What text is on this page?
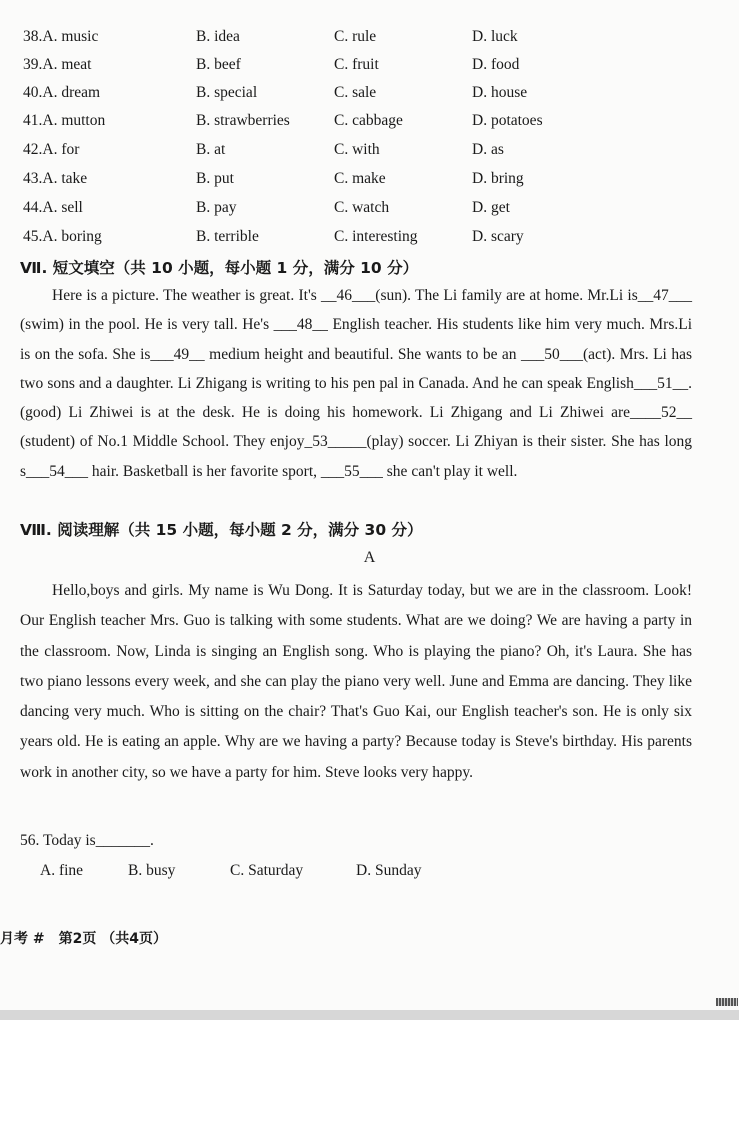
38.A. music	B. idea	C. rule	D. luck
39.A. meat	B. beef	C. fruit	D. food
40.A. dream	B. special	C. sale	D. house
41.A. mutton	B. strawberries	C. cabbage	D. potatoes
42.A. for	B. at	C. with	D. as
43.A. take	B. put	C. make	D. bring
44.A. sell	B. pay	C. watch	D. get
45.A. boring	B. terrible	C. interesting	D. scary
Ⅶ. 短文填空（共 10 小题，每小题 1 分，满分 10 分）

Here is a picture. The weather is great. It's __46___(sun). The Li family are at home. Mr.Li is__47___ (swim) in the pool. He is very tall. He's ___48__ English teacher. His students like him very much. Mrs.Li is on the sofa. She is___49__ medium height and beautiful. She wants to be an ___50___(act). Mrs. Li has two sons and a daughter. Li Zhigang is writing to his pen pal in Canada. And he can speak English___51__. (good) Li Zhiwei is at the desk. He is doing his homework. Li Zhigang and Li Zhiwei are____52__ (student) of No.1 Middle School. They enjoy_53_____(play) soccer. Li Zhiyan is their sister. She has long s___54___ hair. Basketball is her favorite sport, ___55___ she can't play it well.

Ⅷ. 阅读理解（共 15 小题，每小题 2 分，满分 30 分）
A

Hello,boys and girls. My name is Wu Dong. It is Saturday today, but we are in the classroom. Look! Our English teacher Mrs. Guo is talking with some students. What are we doing? We are having a party in the classroom. Now, Linda is singing an English song. Who is playing the piano? Oh, it's Laura. She has two piano lessons every week, and she can play the piano very well. June and Emma are dancing. They like dancing very much. Who is sitting on the chair? That's Guo Kai, our English teacher's son. He is only six years old. He is eating an apple. Why are we having a party? Because today is Steve's birthday. His parents work in another city, so we have a party for him. Steve looks very happy.

56. Today is_______.
A. fine	B. busy	C. Saturday	D. Sunday
月考 #　第2页 （共4页）
